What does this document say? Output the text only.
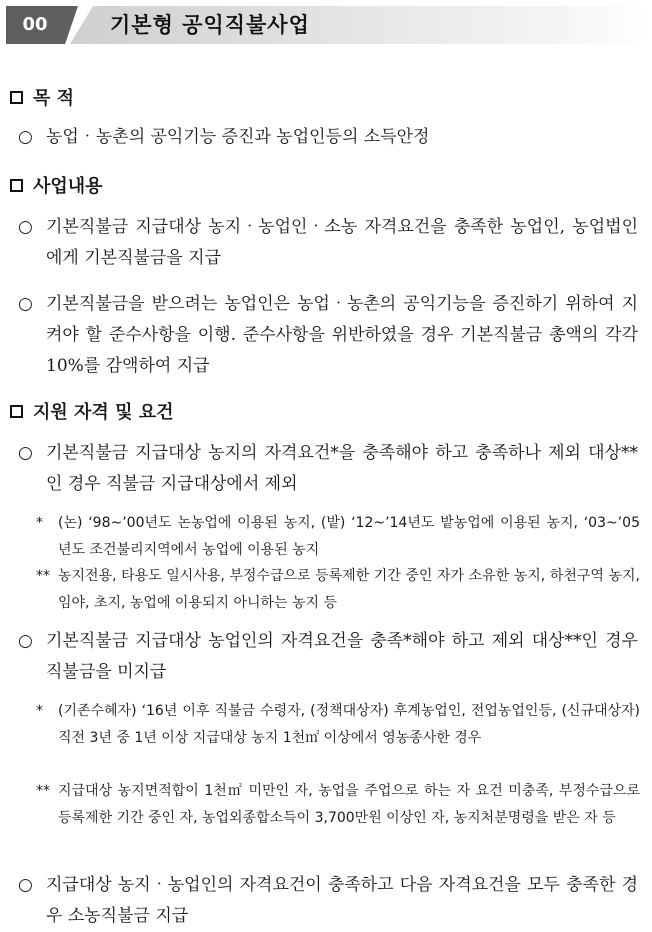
00	기본형 공익직불사업
목 적
○ 농업‧농촌의 공익기능 증진과 농업인등의 소득안정
사업내용
○ 기본직불금 지급대상 농지‧농업인‧소농 자격요건을 충족한 농업인, 농업법인에게 기본직불금을 지급
○ 기본직불금을 받으려는 농업인은 농업‧농촌의 공익기능을 증진하기 위하여 지켜야 할 준수사항을 이행. 준수사항을 위반하였을 경우 기본직불금 총액의 각각 10%를 감액하여 지급
지원 자격 및 요건
○ 기본직불금 지급대상 농지의 자격요건*을 충족해야 하고 충족하나 제외 대상**인 경우 직불금 지급대상에서 제외
* (논) ‘98~’00년도 논농업에 이용된 농지, (밭) ‘12~’14년도 밭농업에 이용된 농지, ‘03~’05년도 조건불리지역에서 농업에 이용된 농지
** 농지전용, 타용도 일시사용, 부정수급으로 등록제한 기간 중인 자가 소유한 농지, 하천구역 농지, 임야, 초지, 농업에 이용되지 아니하는 농지 등
○ 기본직불금 지급대상 농업인의 자격요건을 충족*해야 하고 제외 대상**인 경우 직불금을 미지급
* (기존수혜자) ‘16년 이후 직불금 수령자, (정책대상자) 후계농업인, 전업농업인등, (신규대상자) 직전 3년 중 1년 이상 지급대상 농지 1천㎡ 이상에서 영농종사한 경우
** 지급대상 농지면적합이 1천㎡ 미만인 자, 농업을 주업으로 하는 자 요건 미충족, 부정수급으로 등록제한 기간 중인 자, 농업외종합소득이 3,700만원 이상인 자, 농지처분명령을 받은 자 등
○ 지급대상 농지‧농업인의 자격요건이 충족하고 다음 자격요건을 모두 충족한 경우 소농직불금 지급
